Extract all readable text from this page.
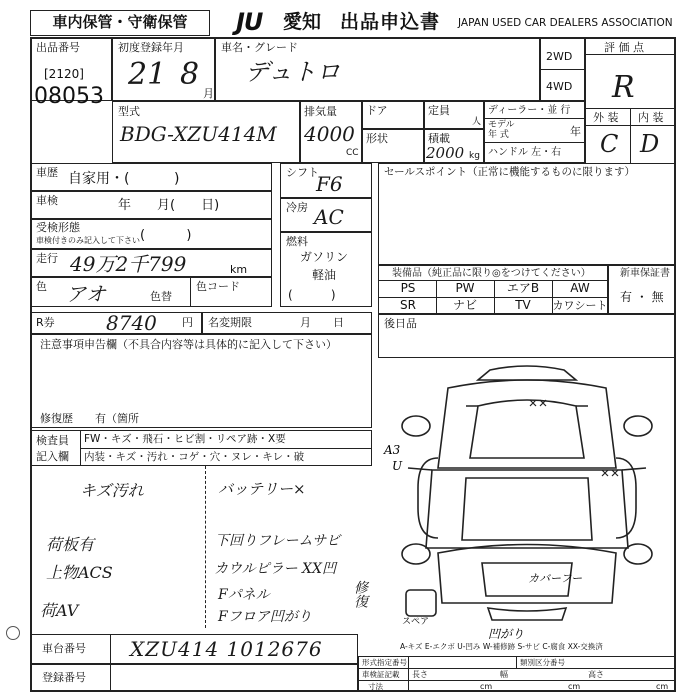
車内保管・守衛保管	JU	愛知 出品申込書 JAPAN USED CAR DEALERS ASSOCIATION
出品番号
[2120]
08053
初度登録年月
21 8
月
車名・グレード
デュトロ
2WD
4WD
評 価 点
R
外 装 内 装
C D
型式
BDG-XZU414M
排気量
4000
CC
ドア	定員
人
形状	積載
2000 kg
ディーラー・並 行
モデル
年 式	年
ハンドル 左・右
車歴 自家用・(          )
車検	年　　月(　　日)
受検形態
車検付きのみ記入して下さい (          )
走行 49万2千799	km
色 アオ	色替
色コード
シフト
F6
冷房 AC
燃料
ガソリン
軽油
(          )
セールスポイント（正常に機能するものに限ります）
装備品（純正品に限り◎をつけてください）
PS	PW	エアB	AW
SR	ナビ	TV	カワシート
新車保証書
有 ・ 無
R券	8740 円 名変期限	月　　日	後日品
注意事項申告欄（不具合内容等は具体的に記入して下さい）
修復歴　　有（箇所
検査員
記入欄
FW・キズ・飛石・ヒビ割・リペア跡・X要
内装・キズ・汚れ・コゲ・穴・ヌレ・キレ・破
キズ汚れ
荷板有
上物ACS
荷AV
バッテリー×
下回りフレームサビ
カウルピラー XX凹
Fパネル
Fフロア凹がり
修復
A3
U
スペア
凹がり
カバーフー
A-キズ E-エクボ U-凹み W-補修跡 S-サビ C-腐食 XX-交換済
車台番号 XZU414 1012676
登録番号
形式指定番号	類別区分番号
車検証記載
寸法
長さ
cm
幅
cm
高さ
cm
